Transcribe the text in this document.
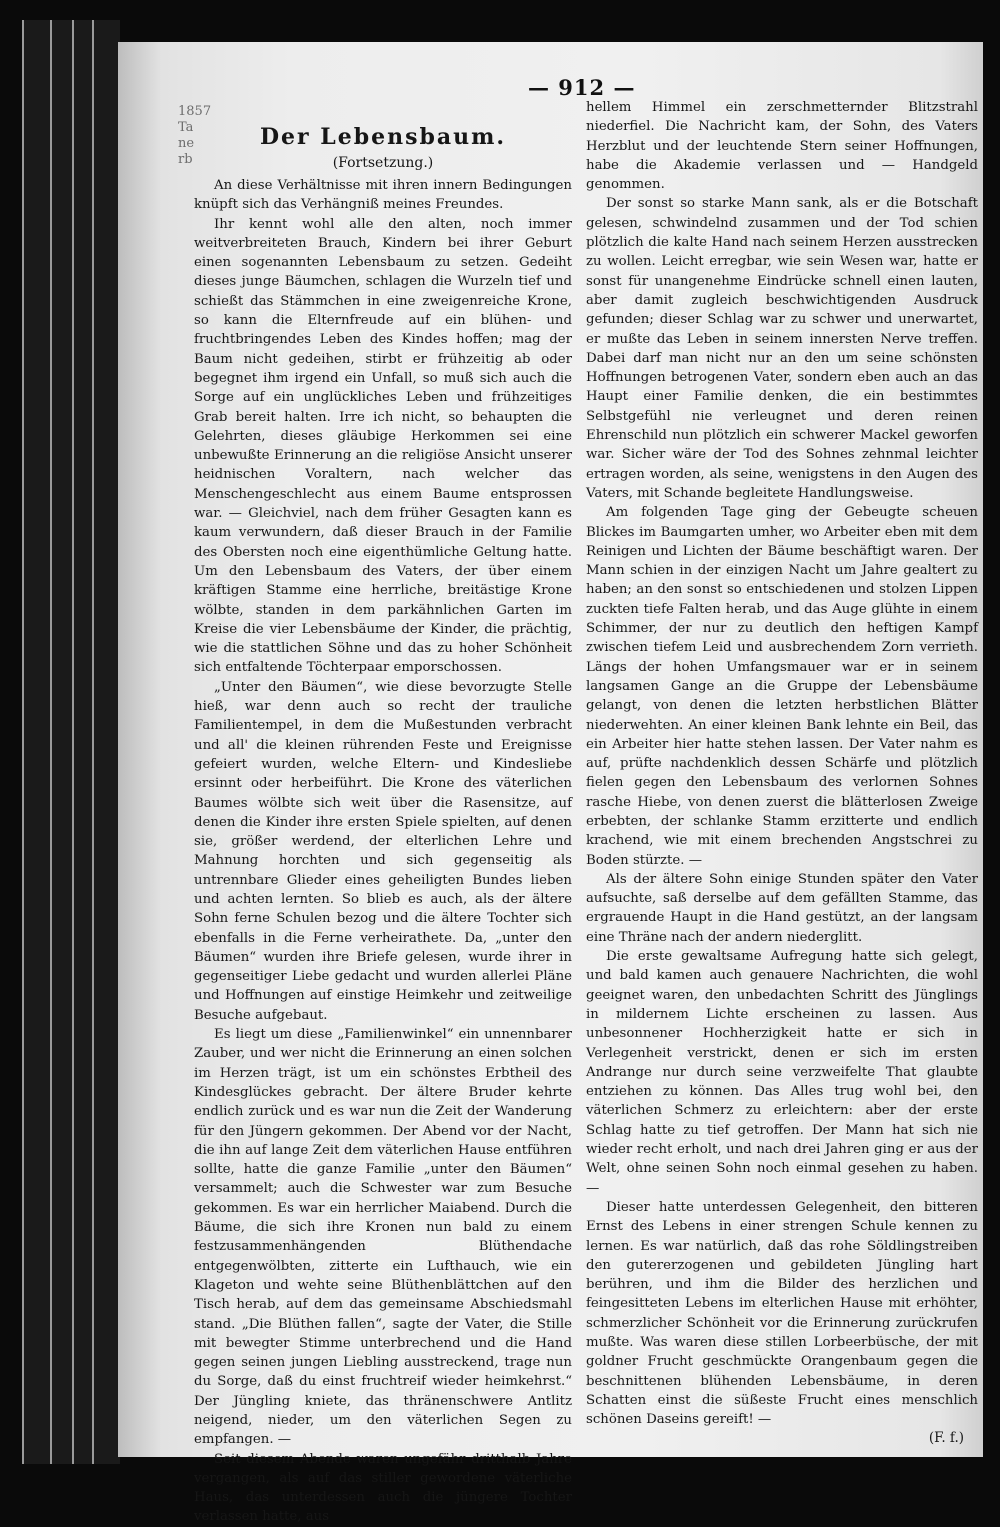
1857
Ta
ne
rb
— 912 —
Der Lebensbaum.
(Fortsetzung.)

An diese Verhältnisse mit ihren innern Bedingungen knüpft sich das Verhängniß meines Freundes.

Ihr kennt wohl alle den alten, noch immer weitverbreiteten Brauch, Kindern bei ihrer Geburt einen sogenannten Lebensbaum zu setzen. Gedeiht dieses junge Bäumchen, schlagen die Wurzeln tief und schießt das Stämmchen in eine zweigenreiche Krone, so kann die Elternfreude auf ein blühen- und fruchtbringendes Leben des Kindes hoffen; mag der Baum nicht gedeihen, stirbt er frühzeitig ab oder begegnet ihm irgend ein Unfall, so muß sich auch die Sorge auf ein unglückliches Leben und frühzeitiges Grab bereit halten. Irre ich nicht, so behaupten die Gelehrten, dieses gläubige Herkommen sei eine unbewußte Erinnerung an die religiöse Ansicht unserer heidnischen Voraltern, nach welcher das Menschengeschlecht aus einem Baume entsprossen war. — Gleichviel, nach dem früher Gesagten kann es kaum verwundern, daß dieser Brauch in der Familie des Obersten noch eine eigenthümliche Geltung hatte. Um den Lebensbaum des Vaters, der über einem kräftigen Stamme eine herrliche, breitästige Krone wölbte, standen in dem parkähnlichen Garten im Kreise die vier Lebensbäume der Kinder, die prächtig, wie die stattlichen Söhne und das zu hoher Schönheit sich entfaltende Töchterpaar emporschossen.

„Unter den Bäumen“, wie diese bevorzugte Stelle hieß, war denn auch so recht der trauliche Familientempel, in dem die Mußestunden verbracht und all' die kleinen rührenden Feste und Ereignisse gefeiert wurden, welche Eltern- und Kindesliebe ersinnt oder herbeiführt. Die Krone des väterlichen Baumes wölbte sich weit über die Rasensitze, auf denen die Kinder ihre ersten Spiele spielten, auf denen sie, größer werdend, der elterlichen Lehre und Mahnung horchten und sich gegenseitig als untrennbare Glieder eines geheiligten Bundes lieben und achten lernten. So blieb es auch, als der ältere Sohn ferne Schulen bezog und die ältere Tochter sich ebenfalls in die Ferne verheirathete. Da, „unter den Bäumen“ wurden ihre Briefe gelesen, wurde ihrer in gegenseitiger Liebe gedacht und wurden allerlei Pläne und Hoffnungen auf einstige Heimkehr und zeitweilige Besuche aufgebaut.

Es liegt um diese „Familienwinkel“ ein unnennbarer Zauber, und wer nicht die Erinnerung an einen solchen im Herzen trägt, ist um ein schönstes Erbtheil des Kindesglückes gebracht. Der ältere Bruder kehrte endlich zurück und es war nun die Zeit der Wanderung für den Jüngern gekommen. Der Abend vor der Nacht, die ihn auf lange Zeit dem väterlichen Hause entführen sollte, hatte die ganze Familie „unter den Bäumen“ versammelt; auch die Schwester war zum Besuche gekommen. Es war ein herrlicher Maiabend. Durch die Bäume, die sich ihre Kronen nun bald zu einem festzusammenhängenden Blüthendache entgegenwölbten, zitterte ein Lufthauch, wie ein Klageton und wehte seine Blüthenblättchen auf den Tisch herab, auf dem das gemeinsame Abschiedsmahl stand. „Die Blüthen fallen“, sagte der Vater, die Stille mit bewegter Stimme unterbrechend und die Hand gegen seinen jungen Liebling ausstreckend, trage nun du Sorge, daß du einst fruchtreif wieder heimkehrst.“ Der Jüngling kniete, das thränenschwere Antlitz neigend, nieder, um den väterlichen Segen zu empfangen. —

Seit diesem Abende waren ungefähr dritthalb Jahre vergangen, als auf das stiller gewordene väterliche Haus, das unterdessen auch die jüngere Tochter verlassen hatte, aus

hellem Himmel ein zerschmetternder Blitzstrahl niederfiel. Die Nachricht kam, der Sohn, des Vaters Herzblut und der leuchtende Stern seiner Hoffnungen, habe die Akademie verlassen und — Handgeld genommen.

Der sonst so starke Mann sank, als er die Botschaft gelesen, schwindelnd zusammen und der Tod schien plötzlich die kalte Hand nach seinem Herzen ausstrecken zu wollen. Leicht erregbar, wie sein Wesen war, hatte er sonst für unangenehme Eindrücke schnell einen lauten, aber damit zugleich beschwichtigenden Ausdruck gefunden; dieser Schlag war zu schwer und unerwartet, er mußte das Leben in seinem innersten Nerve treffen. Dabei darf man nicht nur an den um seine schönsten Hoffnungen betrogenen Vater, sondern eben auch an das Haupt einer Familie denken, die ein bestimmtes Selbstgefühl nie verleugnet und deren reinen Ehrenschild nun plötzlich ein schwerer Mackel geworfen war. Sicher wäre der Tod des Sohnes zehnmal leichter ertragen worden, als seine, wenigstens in den Augen des Vaters, mit Schande begleitete Handlungsweise.

Am folgenden Tage ging der Gebeugte scheuen Blickes im Baumgarten umher, wo Arbeiter eben mit dem Reinigen und Lichten der Bäume beschäftigt waren. Der Mann schien in der einzigen Nacht um Jahre gealtert zu haben; an den sonst so entschiedenen und stolzen Lippen zuckten tiefe Falten herab, und das Auge glühte in einem Schimmer, der nur zu deutlich den heftigen Kampf zwischen tiefem Leid und ausbrechendem Zorn verrieth. Längs der hohen Umfangsmauer war er in seinem langsamen Gange an die Gruppe der Lebensbäume gelangt, von denen die letzten herbstlichen Blätter niederwehten. An einer kleinen Bank lehnte ein Beil, das ein Arbeiter hier hatte stehen lassen. Der Vater nahm es auf, prüfte nachdenklich dessen Schärfe und plötzlich fielen gegen den Lebensbaum des verlornen Sohnes rasche Hiebe, von denen zuerst die blätterlosen Zweige erbebten, der schlanke Stamm erzitterte und endlich krachend, wie mit einem brechenden Angstschrei zu Boden stürzte. —

Als der ältere Sohn einige Stunden später den Vater aufsuchte, saß derselbe auf dem gefällten Stamme, das ergrauende Haupt in die Hand gestützt, an der langsam eine Thräne nach der andern niederglitt.

Die erste gewaltsame Aufregung hatte sich gelegt, und bald kamen auch genauere Nachrichten, die wohl geeignet waren, den unbedachten Schritt des Jünglings in mildernem Lichte erscheinen zu lassen. Aus unbesonnener Hochherzigkeit hatte er sich in Verlegenheit verstrickt, denen er sich im ersten Andrange nur durch seine verzweifelte That glaubte entziehen zu können. Das Alles trug wohl bei, den väterlichen Schmerz zu erleichtern: aber der erste Schlag hatte zu tief getroffen. Der Mann hat sich nie wieder recht erholt, und nach drei Jahren ging er aus der Welt, ohne seinen Sohn noch einmal gesehen zu haben. —

Dieser hatte unterdessen Gelegenheit, den bitteren Ernst des Lebens in einer strengen Schule kennen zu lernen. Es war natürlich, daß das rohe Söldlingstreiben den gutererzogenen und gebildeten Jüngling hart berühren, und ihm die Bilder des herzlichen und feingesitteten Lebens im elterlichen Hause mit erhöhter, schmerzlicher Schönheit vor die Erinnerung zurückrufen mußte. Was waren diese stillen Lorbeerbüsche, der mit goldner Frucht geschmückte Orangenbaum gegen die beschnittenen blühenden Lebensbäume, in deren Schatten einst die süßeste Frucht eines menschlich schönen Daseins gereift! —

(F. f.)
